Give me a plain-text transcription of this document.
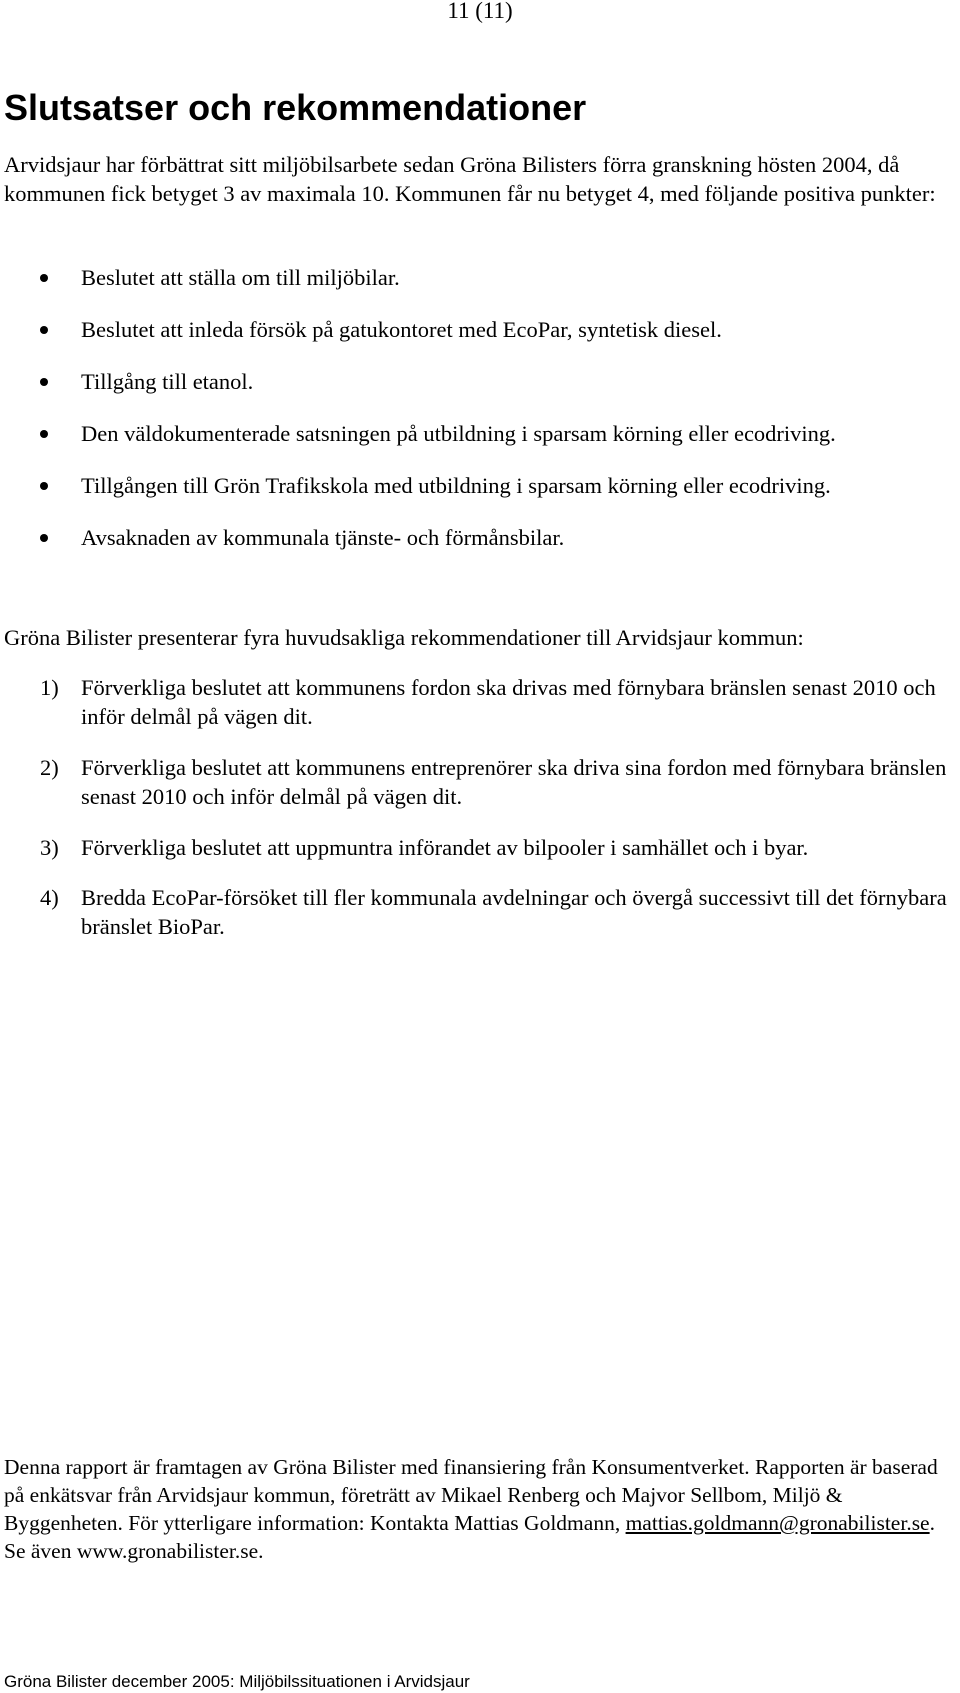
11 (11)
Slutsatser och rekommendationer

Arvidsjaur har förbättrat sitt miljöbilsarbete sedan Gröna Bilisters förra granskning hösten 2004, då kommunen fick betyget 3 av maximala 10. Kommunen får nu betyget 4, med följande positiva punkter:

Beslutet att ställa om till miljöbilar.
Beslutet att inleda försök på gatukontoret med EcoPar, syntetisk diesel.
Tillgång till etanol.
Den väldokumenterade satsningen på utbildning i sparsam körning eller ecodriving.
Tillgången till Grön Trafikskola med utbildning i sparsam körning eller ecodriving.
Avsaknaden av kommunala tjänste- och förmånsbilar.

Gröna Bilister presenterar fyra huvudsakliga rekommendationer till Arvidsjaur kommun:

1) Förverkliga beslutet att kommunens fordon ska drivas med förnybara bränslen senast 2010 och inför delmål på vägen dit.
2) Förverkliga beslutet att kommunens entreprenörer ska driva sina fordon med förnybara bränslen senast 2010 och inför delmål på vägen dit.
3) Förverkliga beslutet att uppmuntra införandet av bilpooler i samhället och i byar.
4) Bredda EcoPar-försöket till fler kommunala avdelningar och övergå successivt till det förnybara bränslet BioPar.

Denna rapport är framtagen av Gröna Bilister med finansiering från Konsumentverket. Rapporten är baserad på enkätsvar från Arvidsjaur kommun, företrätt av Mikael Renberg och Majvor Sellbom, Miljö & Byggenheten. För ytterligare information: Kontakta Mattias Goldmann, mattias.goldmann@gronabilister.se. Se även www.gronabilister.se.

Gröna Bilister december 2005: Miljöbilssituationen i Arvidsjaur
